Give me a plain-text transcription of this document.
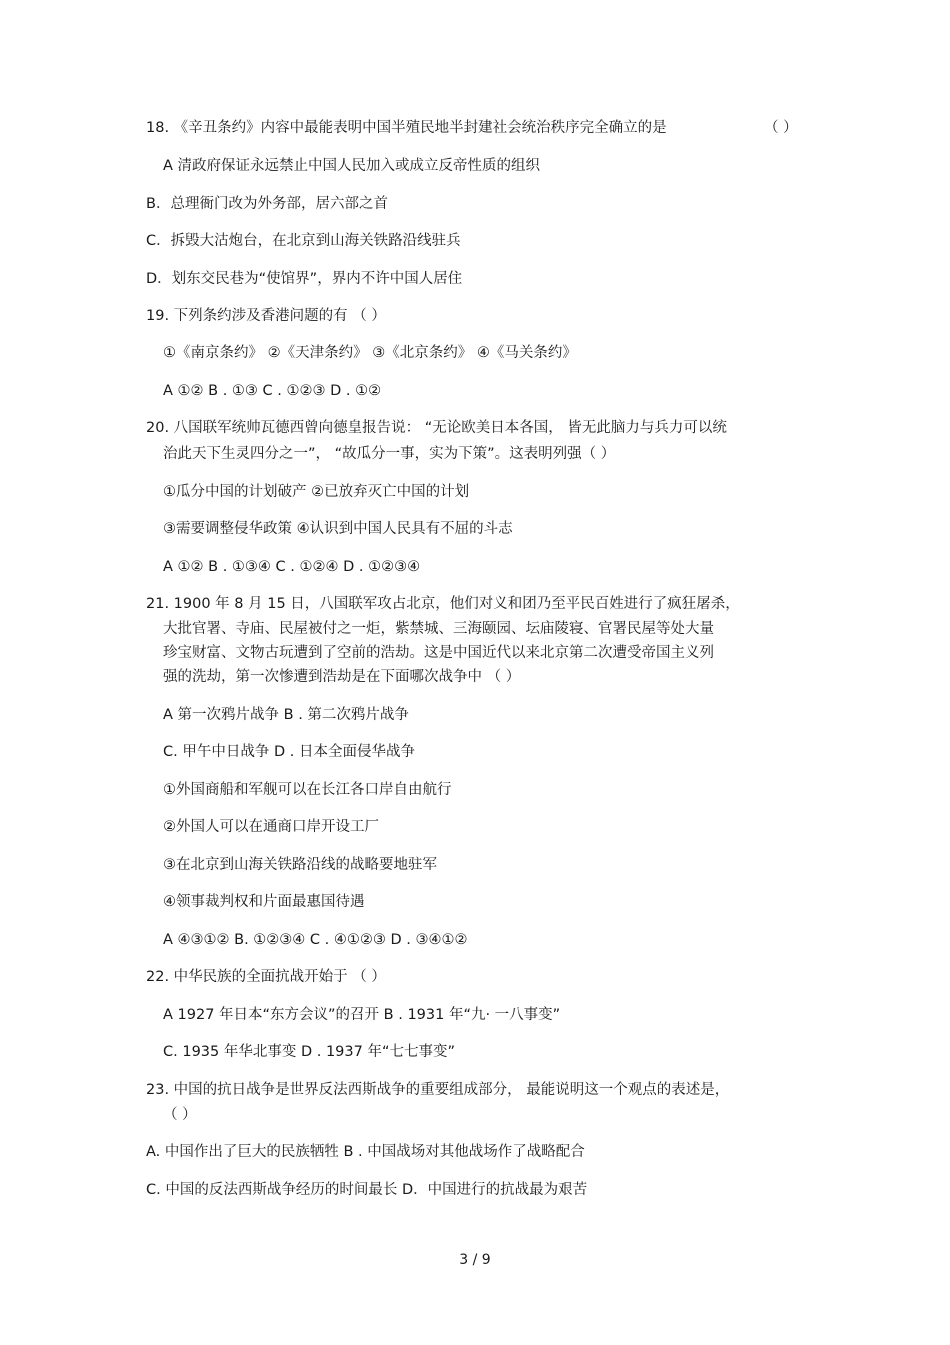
18. 《辛丑条约》内容中最能表明中国半殖民地半封建社会统治秩序完全确立的是	（ ）
A 清政府保证永远禁止中国人民加入或成立反帝性质的组织
B．总理衙门改为外务部，居六部之首
C．拆毁大沽炮台，在北京到山海关铁路沿线驻兵
D．划东交民巷为“使馆界”，界内不许中国人居住
19. 下列条约涉及香港问题的有 （ ）
①《南京条约》 ②《天津条约》 ③《北京条约》 ④《马关条约》
A ①② B . ①③ C . ①②③ D . ①②
20. 八国联军统帅瓦德西曾向德皇报告说： “无论欧美日本各国， 皆无此脑力与兵力可以统
治此天下生灵四分之一”， “故瓜分一事，实为下策”。这表明列强（ ）
①瓜分中国的计划破产 ②已放弃灭亡中国的计划
③需要调整侵华政策 ④认识到中国人民具有不屈的斗志
A ①② B . ①③④ C . ①②④ D . ①②③④
21. 1900 年 8 月 15 日，八国联军攻占北京，他们对义和团乃至平民百姓进行了疯狂屠杀，
大批官署、寺庙、民屋被付之一炬，紫禁城、三海颐园、坛庙陵寝、官署民屋等处大量
珍宝财富、文物古玩遭到了空前的浩劫。这是中国近代以来北京第二次遭受帝国主义列
强的洗劫，第一次惨遭到浩劫是在下面哪次战争中 （ ）
A 第一次鸦片战争 B . 第二次鸦片战争
C. 甲午中日战争 D . 日本全面侵华战争
①外国商船和军舰可以在长江各口岸自由航行
②外国人可以在通商口岸开设工厂
③在北京到山海关铁路沿线的战略要地驻军
④领事裁判权和片面最惠国待遇
A ④③①② B. ①②③④ C . ④①②③ D . ③④①②
22. 中华民族的全面抗战开始于 （ ）
A 1927 年日本“东方会议”的召开 B . 1931 年“九· 一八事变”
C. 1935 年华北事变 D . 1937 年“七七事变”
23. 中国的抗日战争是世界反法西斯战争的重要组成部分， 最能说明这一个观点的表述是，
（ ）
A. 中国作出了巨大的民族牺牲 B . 中国战场对其他战场作了战略配合
C. 中国的反法西斯战争经历的时间最长 D．中国进行的抗战最为艰苦
3 / 9
